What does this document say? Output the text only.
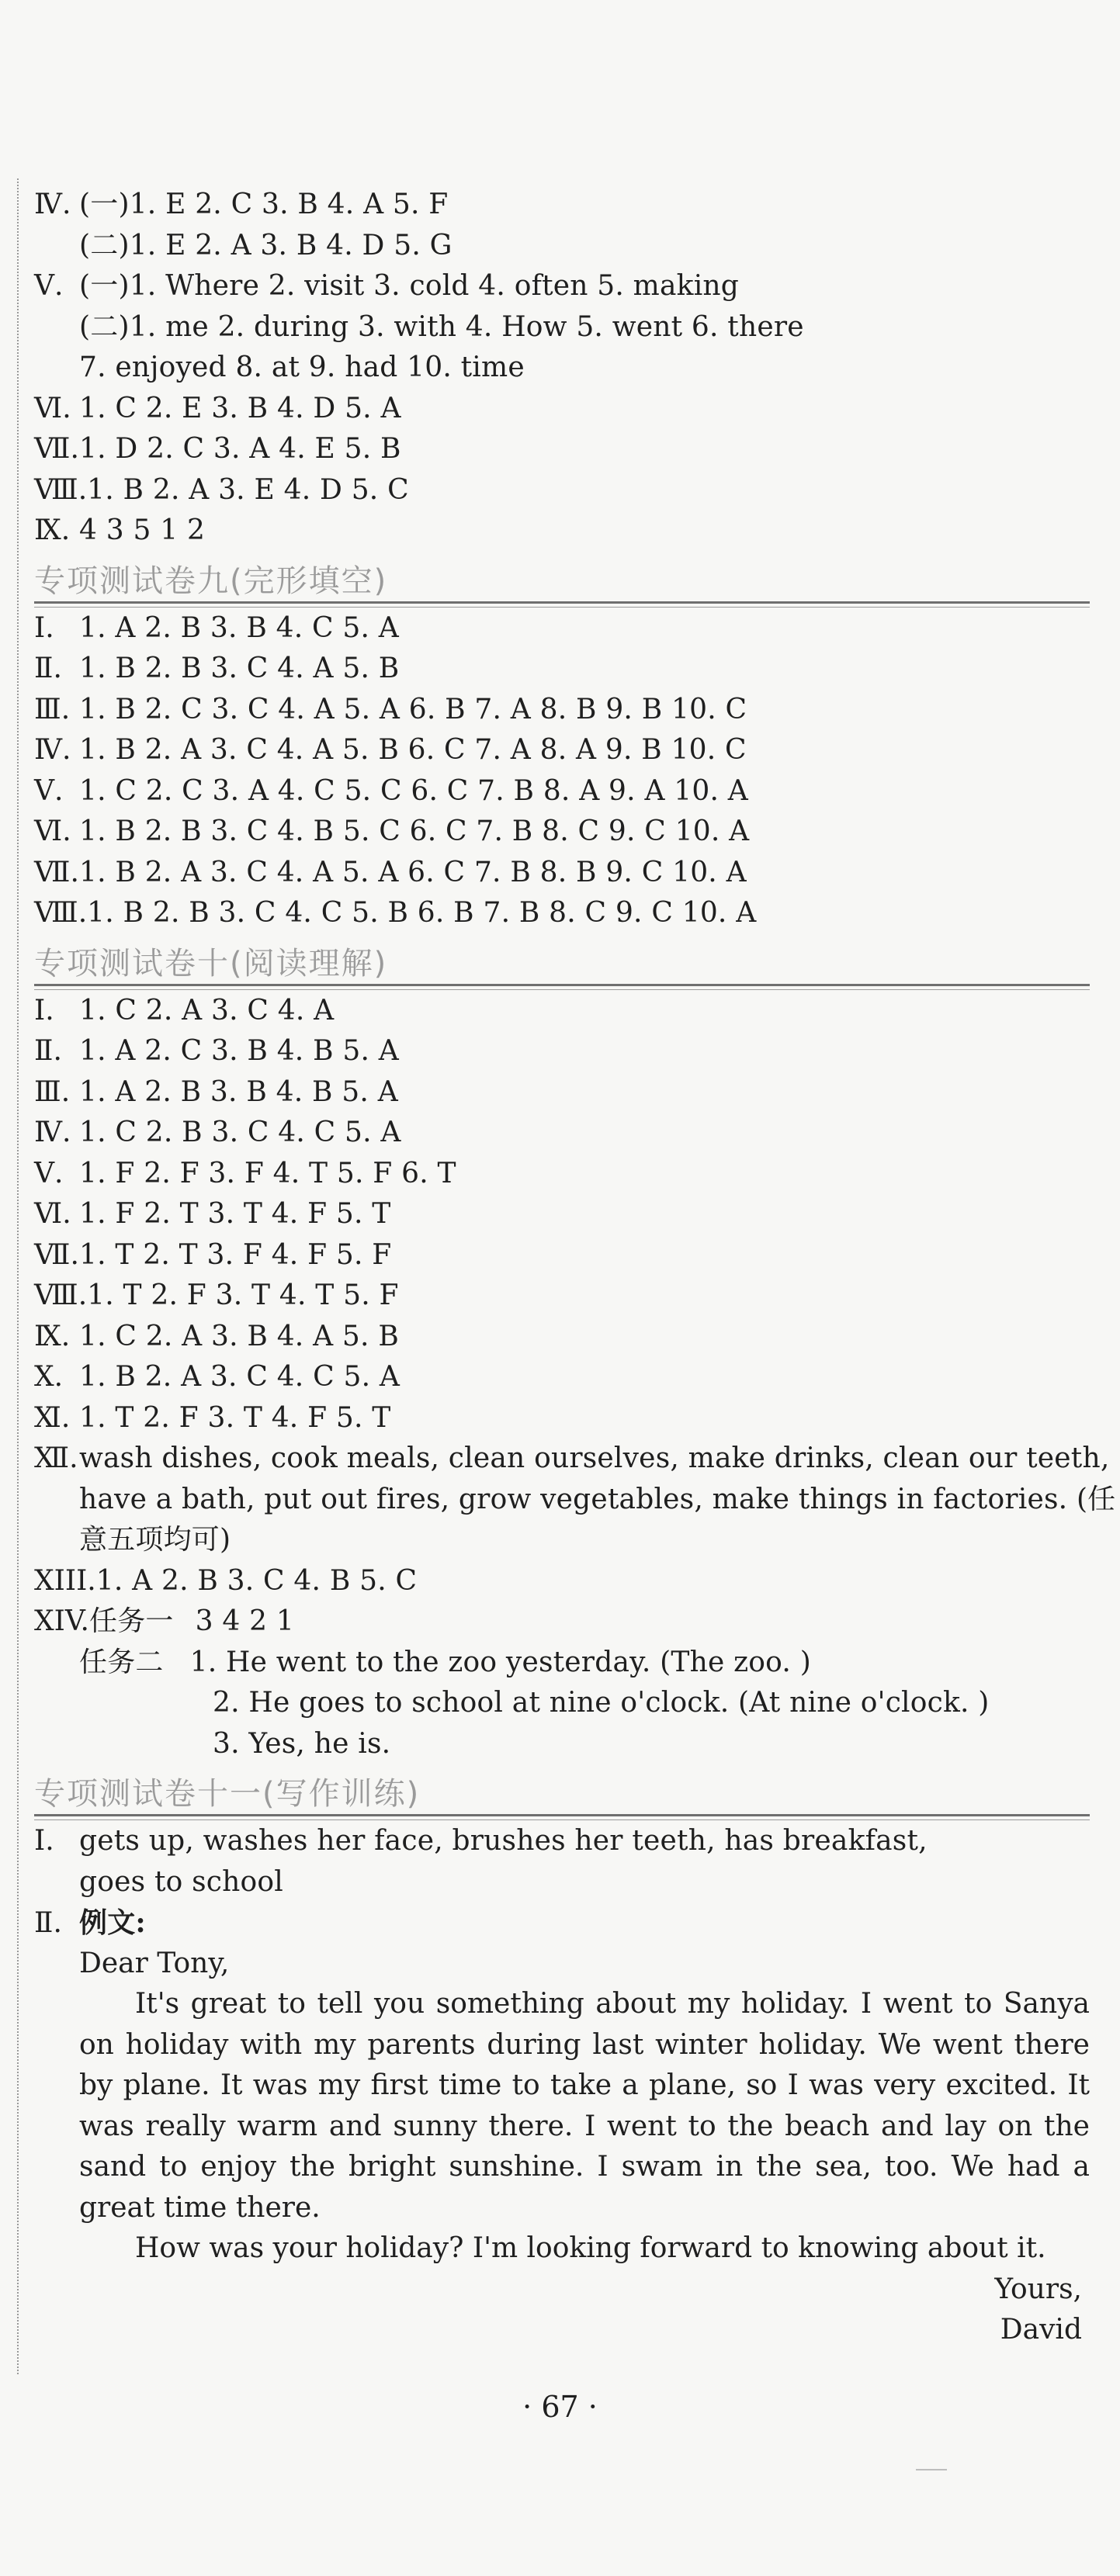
Ⅳ. (一)1. E 2. C 3. B 4. A 5. F
(二)1. E 2. A 3. B 4. D 5. G
Ⅴ. (一)1. Where 2. visit 3. cold 4. often 5. making
(二)1. me 2. during 3. with 4. How 5. went 6. there
7. enjoyed 8. at 9. had 10. time
Ⅵ. 1. C 2. E 3. B 4. D 5. A
Ⅶ.1. D 2. C 3. A 4. E 5. B
Ⅷ.1. B 2. A 3. E 4. D 5. C
Ⅸ. 4 3 5 1 2
专项测试卷九(完形填空)
Ⅰ. 1. A 2. B 3. B 4. C 5. A
Ⅱ. 1. B 2. B 3. C 4. A 5. B
Ⅲ. 1. B 2. C 3. C 4. A 5. A 6. B 7. A 8. B 9. B 10. C
Ⅳ. 1. B 2. A 3. C 4. A 5. B 6. C 7. A 8. A 9. B 10. C
Ⅴ. 1. C 2. C 3. A 4. C 5. C 6. C 7. B 8. A 9. A 10. A
Ⅵ. 1. B 2. B 3. C 4. B 5. C 6. C 7. B 8. C 9. C 10. A
Ⅶ.1. B 2. A 3. C 4. A 5. A 6. C 7. B 8. B 9. C 10. A
Ⅷ.1. B 2. B 3. C 4. C 5. B 6. B 7. B 8. C 9. C 10. A
专项测试卷十(阅读理解)
Ⅰ. 1. C 2. A 3. C 4. A
Ⅱ. 1. A 2. C 3. B 4. B 5. A
Ⅲ. 1. A 2. B 3. B 4. B 5. A
Ⅳ. 1. C 2. B 3. C 4. C 5. A
Ⅴ. 1. F 2. F 3. F 4. T 5. F 6. T
Ⅵ. 1. F 2. T 3. T 4. F 5. T
Ⅶ.1. T 2. T 3. F 4. F 5. F
Ⅷ.1. T 2. F 3. T 4. T 5. F
Ⅸ. 1. C 2. A 3. B 4. A 5. B
Ⅹ. 1. B 2. A 3. C 4. C 5. A
Ⅺ. 1. T 2. F 3. T 4. F 5. T
Ⅻ.wash dishes, cook meals, clean ourselves, make drinks, clean our teeth,
have a bath, put out fires, grow vegetables, make things in factories. (任
意五项均可)
XIII.1. A 2. B 3. C 4. B 5. C
XIV.任务一 3 4 2 1
任务二 1. He went to the zoo yesterday. (The zoo. )
2. He goes to school at nine o'clock. (At nine o'clock. )
3. Yes, he is.
专项测试卷十一(写作训练)
Ⅰ. gets up, washes her face, brushes her teeth, has breakfast,
goes to school
Ⅱ. 例文:
Dear Tony,
It's great to tell you something about my holiday. I went to Sanya on holiday with my parents during last winter holiday. We went there by plane. It was my first time to take a plane, so I was very excited. It was really warm and sunny there. I went to the beach and lay on the sand to enjoy the bright sunshine. I swam in the sea, too. We had a great time there.
How was your holiday? I'm looking forward to knowing about it.
Yours,
David
· 67 ·
